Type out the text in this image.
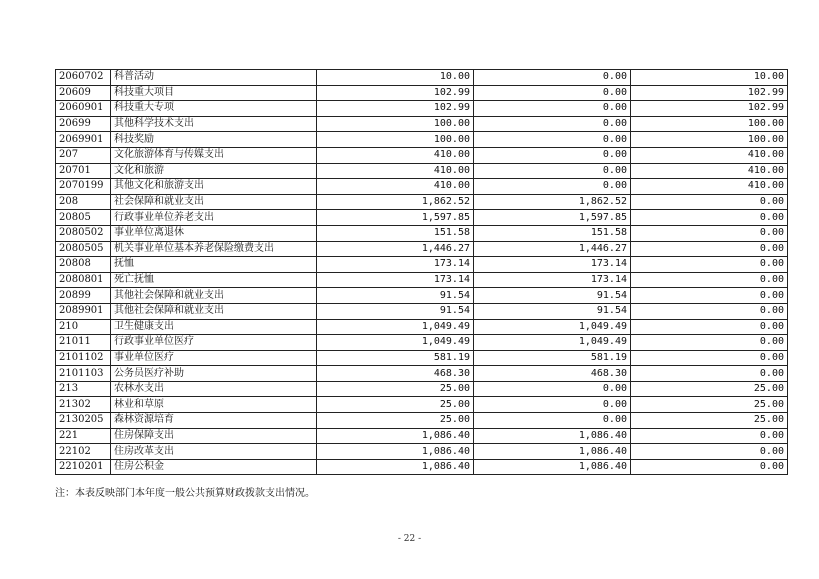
2060702	科普活动	10.00	0.00	10.00
20609	科技重大项目	102.99	0.00	102.99
2060901	科技重大专项	102.99	0.00	102.99
20699	其他科学技术支出	100.00	0.00	100.00
2069901	科技奖励	100.00	0.00	100.00
207	文化旅游体育与传媒支出	410.00	0.00	410.00
20701	文化和旅游	410.00	0.00	410.00
2070199	其他文化和旅游支出	410.00	0.00	410.00
208	社会保障和就业支出	1,862.52	1,862.52	0.00
20805	行政事业单位养老支出	1,597.85	1,597.85	0.00
2080502	事业单位离退休	151.58	151.58	0.00
2080505	机关事业单位基本养老保险缴费支出	1,446.27	1,446.27	0.00
20808	抚恤	173.14	173.14	0.00
2080801	死亡抚恤	173.14	173.14	0.00
20899	其他社会保障和就业支出	91.54	91.54	0.00
2089901	其他社会保障和就业支出	91.54	91.54	0.00
210	卫生健康支出	1,049.49	1,049.49	0.00
21011	行政事业单位医疗	1,049.49	1,049.49	0.00
2101102	事业单位医疗	581.19	581.19	0.00
2101103	公务员医疗补助	468.30	468.30	0.00
213	农林水支出	25.00	0.00	25.00
21302	林业和草原	25.00	0.00	25.00
2130205	森林资源培育	25.00	0.00	25.00
221	住房保障支出	1,086.40	1,086.40	0.00
22102	住房改革支出	1,086.40	1,086.40	0.00
2210201	住房公积金	1,086.40	1,086.40	0.00
注：本表反映部门本年度一般公共预算财政拨款支出情况。
- 22 -
